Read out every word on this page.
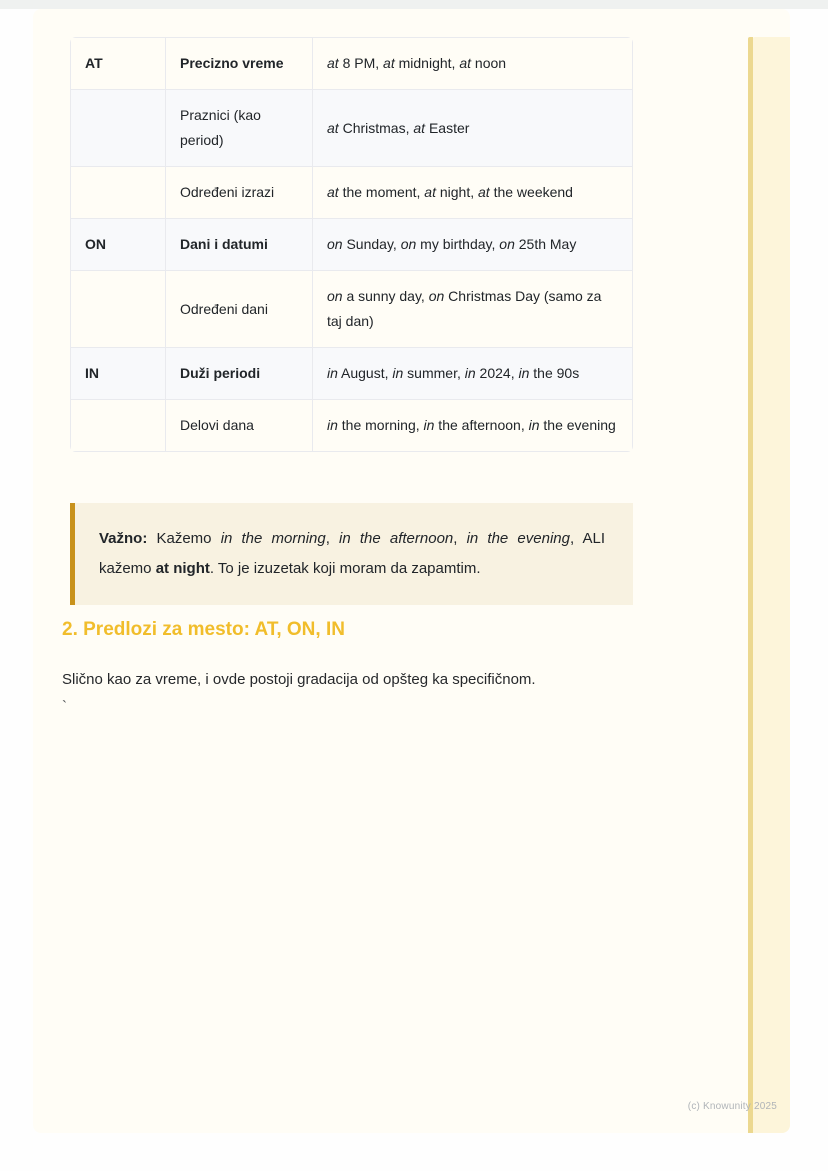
AT	Precizno vreme	at 8 PM, at midnight, at noon
	Praznici (kao period)	at Christmas, at Easter
	Određeni izrazi	at the moment, at night, at the weekend
ON	Dani i datumi	on Sunday, on my birthday, on 25th May
	Određeni dani	on a sunny day, on Christmas Day (samo za taj dan)
IN	Duži periodi	in August, in summer, in 2024, in the 90s
	Delovi dana	in the morning, in the afternoon, in the evening
Važno: Kažemo in the morning, in the afternoon, in the evening, ALI kažemo at night. To je izuzetak koji moram da zapamtim.
2. Predlozi za mesto: AT, ON, IN

Slično kao za vreme, i ovde postoji gradacija od opšteg ka specifičnom.

`
(c) Knowunity 2025
